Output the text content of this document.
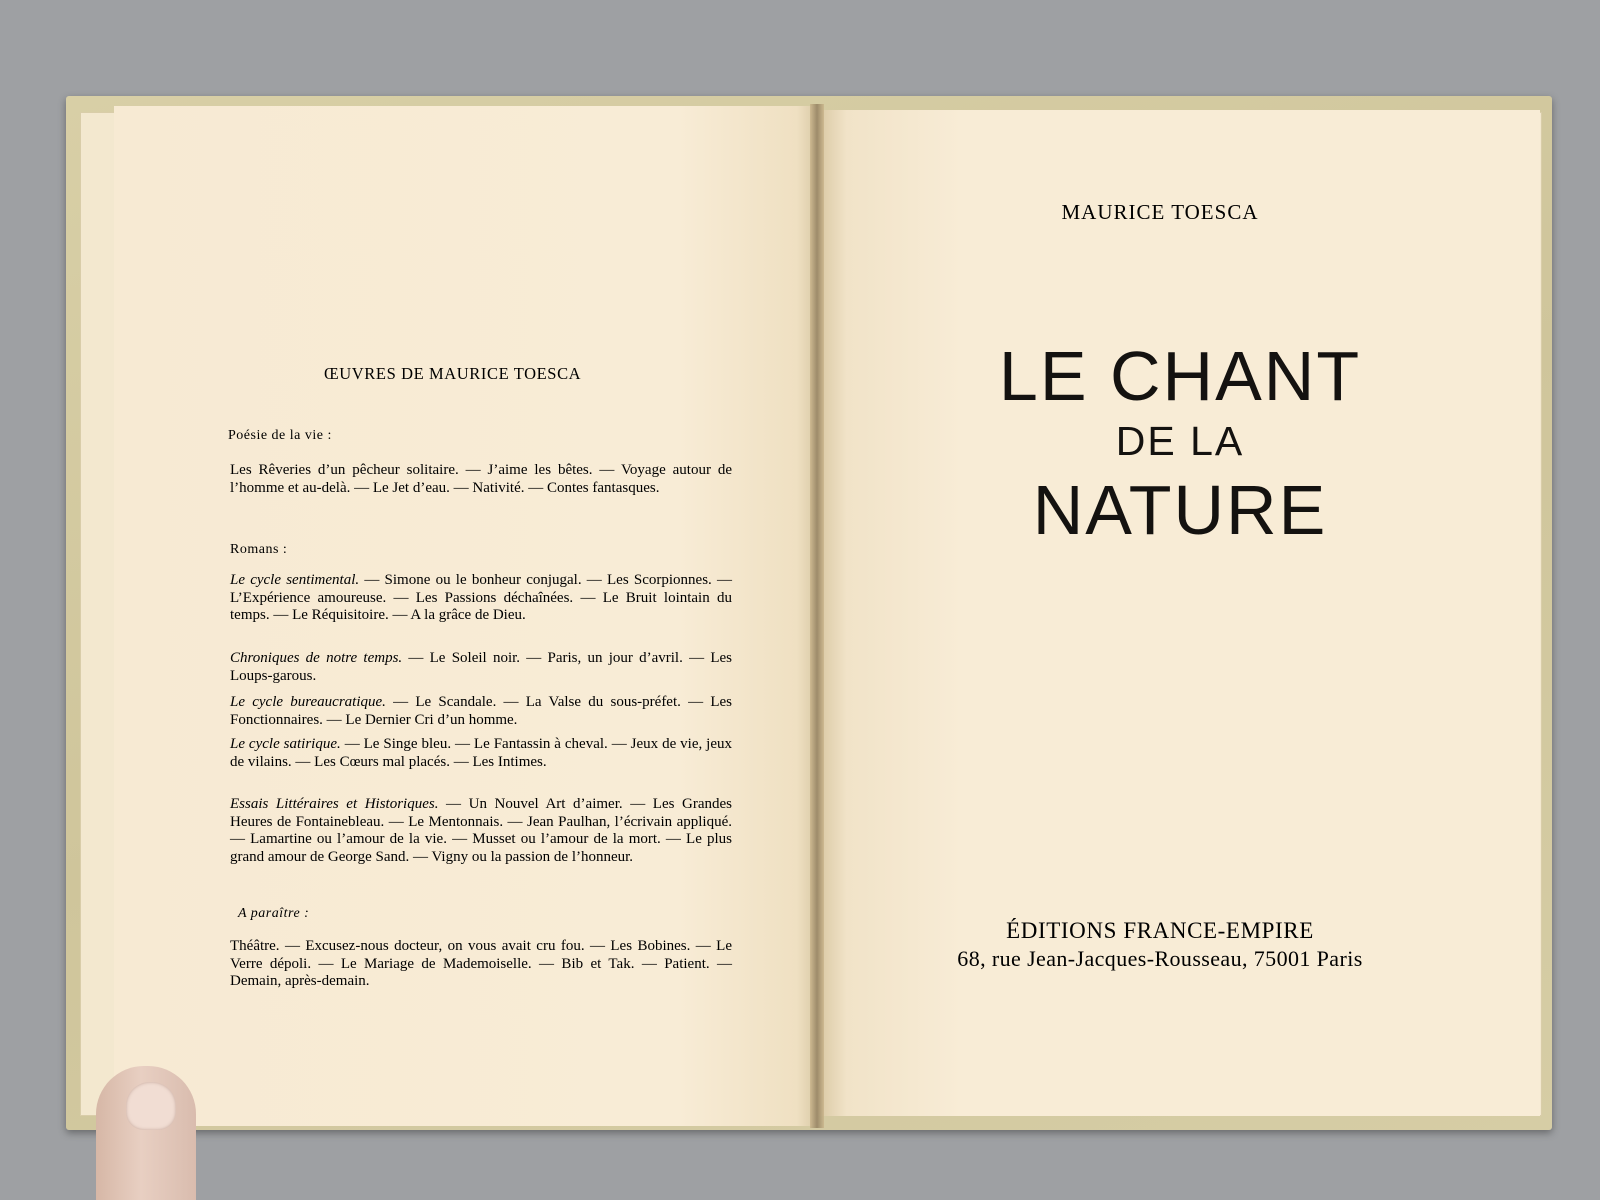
ŒUVRES DE MAURICE TOESCA
Poésie de la vie :
Les Rêveries d’un pêcheur solitaire. — J’aime les bêtes. — Voyage autour de l’homme et au-delà. — Le Jet d’eau. — Nativité. — Contes fantasques.
Romans :
Le cycle sentimental. — Simone ou le bonheur conjugal. — Les Scorpionnes. — L’Expérience amoureuse. — Les Passions déchaînées. — Le Bruit lointain du temps. — Le Réquisitoire. — A la grâce de Dieu.
Chroniques de notre temps. — Le Soleil noir. — Paris, un jour d’avril. — Les Loups-garous.
Le cycle bureaucratique. — Le Scandale. — La Valse du sous-préfet. — Les Fonctionnaires. — Le Dernier Cri d’un homme.
Le cycle satirique. — Le Singe bleu. — Le Fantassin à cheval. — Jeux de vie, jeux de vilains. — Les Cœurs mal placés. — Les Intimes.
Essais Littéraires et Historiques. — Un Nouvel Art d’aimer. — Les Grandes Heures de Fontainebleau. — Le Mentonnais. — Jean Paulhan, l’écrivain appliqué. — Lamartine ou l’amour de la vie. — Musset ou l’amour de la mort. — Le plus grand amour de George Sand. — Vigny ou la passion de l’honneur.
A paraître :
Théâtre. — Excusez-nous docteur, on vous avait cru fou. — Les Bobines. — Le Verre dépoli. — Le Mariage de Mademoiselle. — Bib et Tak. — Patient. — Demain, après-demain.
MAURICE TOESCA
LE CHANT
DE LA
NATURE
ÉDITIONS FRANCE-EMPIRE
68, rue Jean-Jacques-Rousseau, 75001 Paris
